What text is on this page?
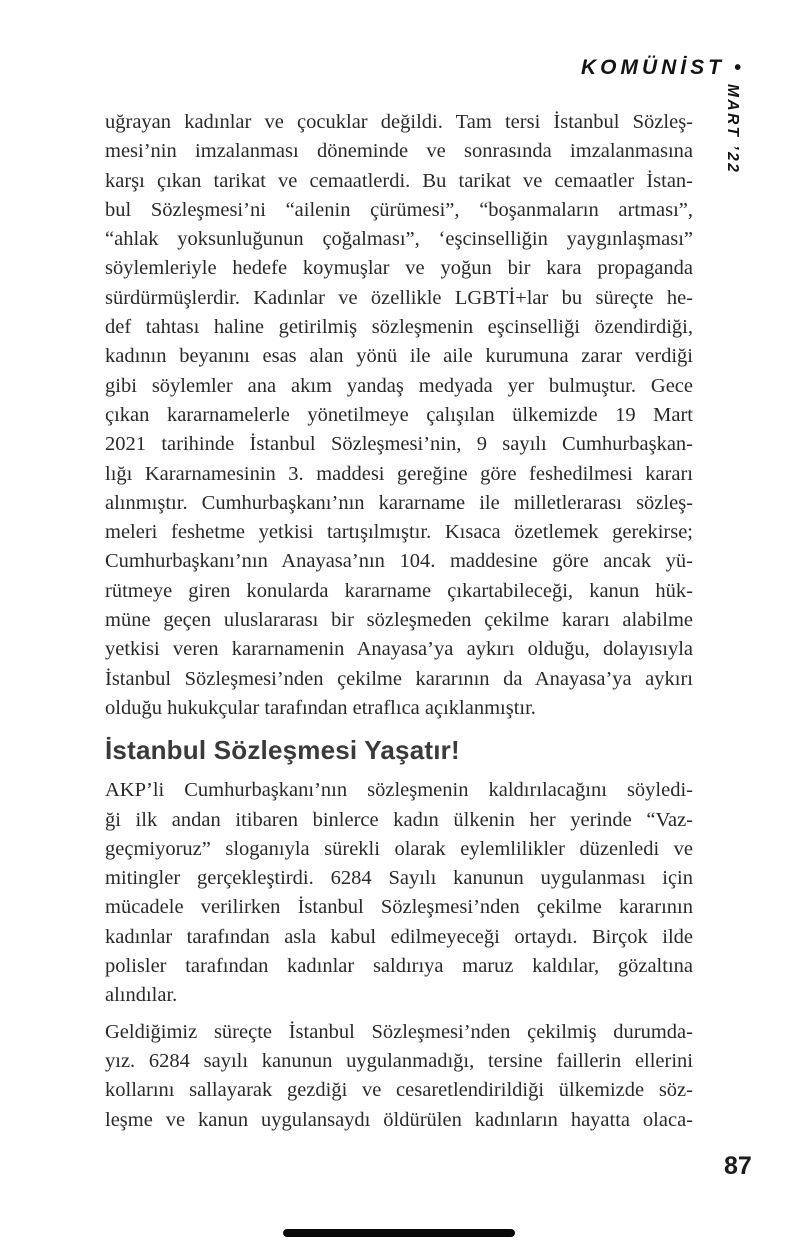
KOMÜNİST •
MART ’22
uğrayan kadınlar ve çocuklar değildi. Tam tersi İstanbul Sözleş-
mesi’nin imzalanması döneminde ve sonrasında imzalanmasına
karşı çıkan tarikat ve cemaatlerdi. Bu tarikat ve cemaatler İstan-
bul Sözleşmesi’ni “ailenin çürümesi”, “boşanmaların artması”,
“ahlak yoksunluğunun çoğalması”, ‘eşcinselliğin yaygınlaşması”
söylemleriyle hedefe koymuşlar ve yoğun bir kara propaganda
sürdürmüşlerdir. Kadınlar ve özellikle LGBTİ+lar bu süreçte he-
def tahtası haline getirilmiş sözleşmenin eşcinselliği özendirdiği,
kadının beyanını esas alan yönü ile aile kurumuna zarar verdiği
gibi söylemler ana akım yandaş medyada yer bulmuştur. Gece
çıkan kararnamelerle yönetilmeye çalışılan ülkemizde 19 Mart
2021 tarihinde İstanbul Sözleşmesi’nin, 9 sayılı Cumhurbaşkan-
lığı Kararnamesinin 3. maddesi gereğine göre feshedilmesi kararı
alınmıştır. Cumhurbaşkanı’nın kararname ile milletlerarası sözleş-
meleri feshetme yetkisi tartışılmıştır. Kısaca özetlemek gerekirse;
Cumhurbaşkanı’nın Anayasa’nın 104. maddesine göre ancak yü-
rütmeye giren konularda kararname çıkartabileceği, kanun hük-
müne geçen uluslararası bir sözleşmeden çekilme kararı alabilme
yetkisi veren kararnamenin Anayasa’ya aykırı olduğu, dolayısıyla
İstanbul Sözleşmesi’nden çekilme kararının da Anayasa’ya aykırı
olduğu hukukçular tarafından etraflıca açıklanmıştır.
İstanbul Sözleşmesi Yaşatır!
AKP’li Cumhurbaşkanı’nın sözleşmenin kaldırılacağını söyledi-
ği ilk andan itibaren binlerce kadın ülkenin her yerinde “Vaz-
geçmiyoruz” sloganıyla sürekli olarak eylemlilikler düzenledi ve
mitingler gerçekleştirdi. 6284 Sayılı kanunun uygulanması için
mücadele verilirken İstanbul Sözleşmesi’nden çekilme kararının
kadınlar tarafından asla kabul edilmeyeceği ortaydı. Birçok ilde
polisler tarafından kadınlar saldırıya maruz kaldılar, gözaltına
alındılar.
Geldiğimiz süreçte İstanbul Sözleşmesi’nden çekilmiş durumda-
yız. 6284 sayılı kanunun uygulanmadığı, tersine faillerin ellerini
kollarını sallayarak gezdiği ve cesaretlendirildiği ülkemizde söz-
leşme ve kanun uygulansaydı öldürülen kadınların hayatta olaca-
87
